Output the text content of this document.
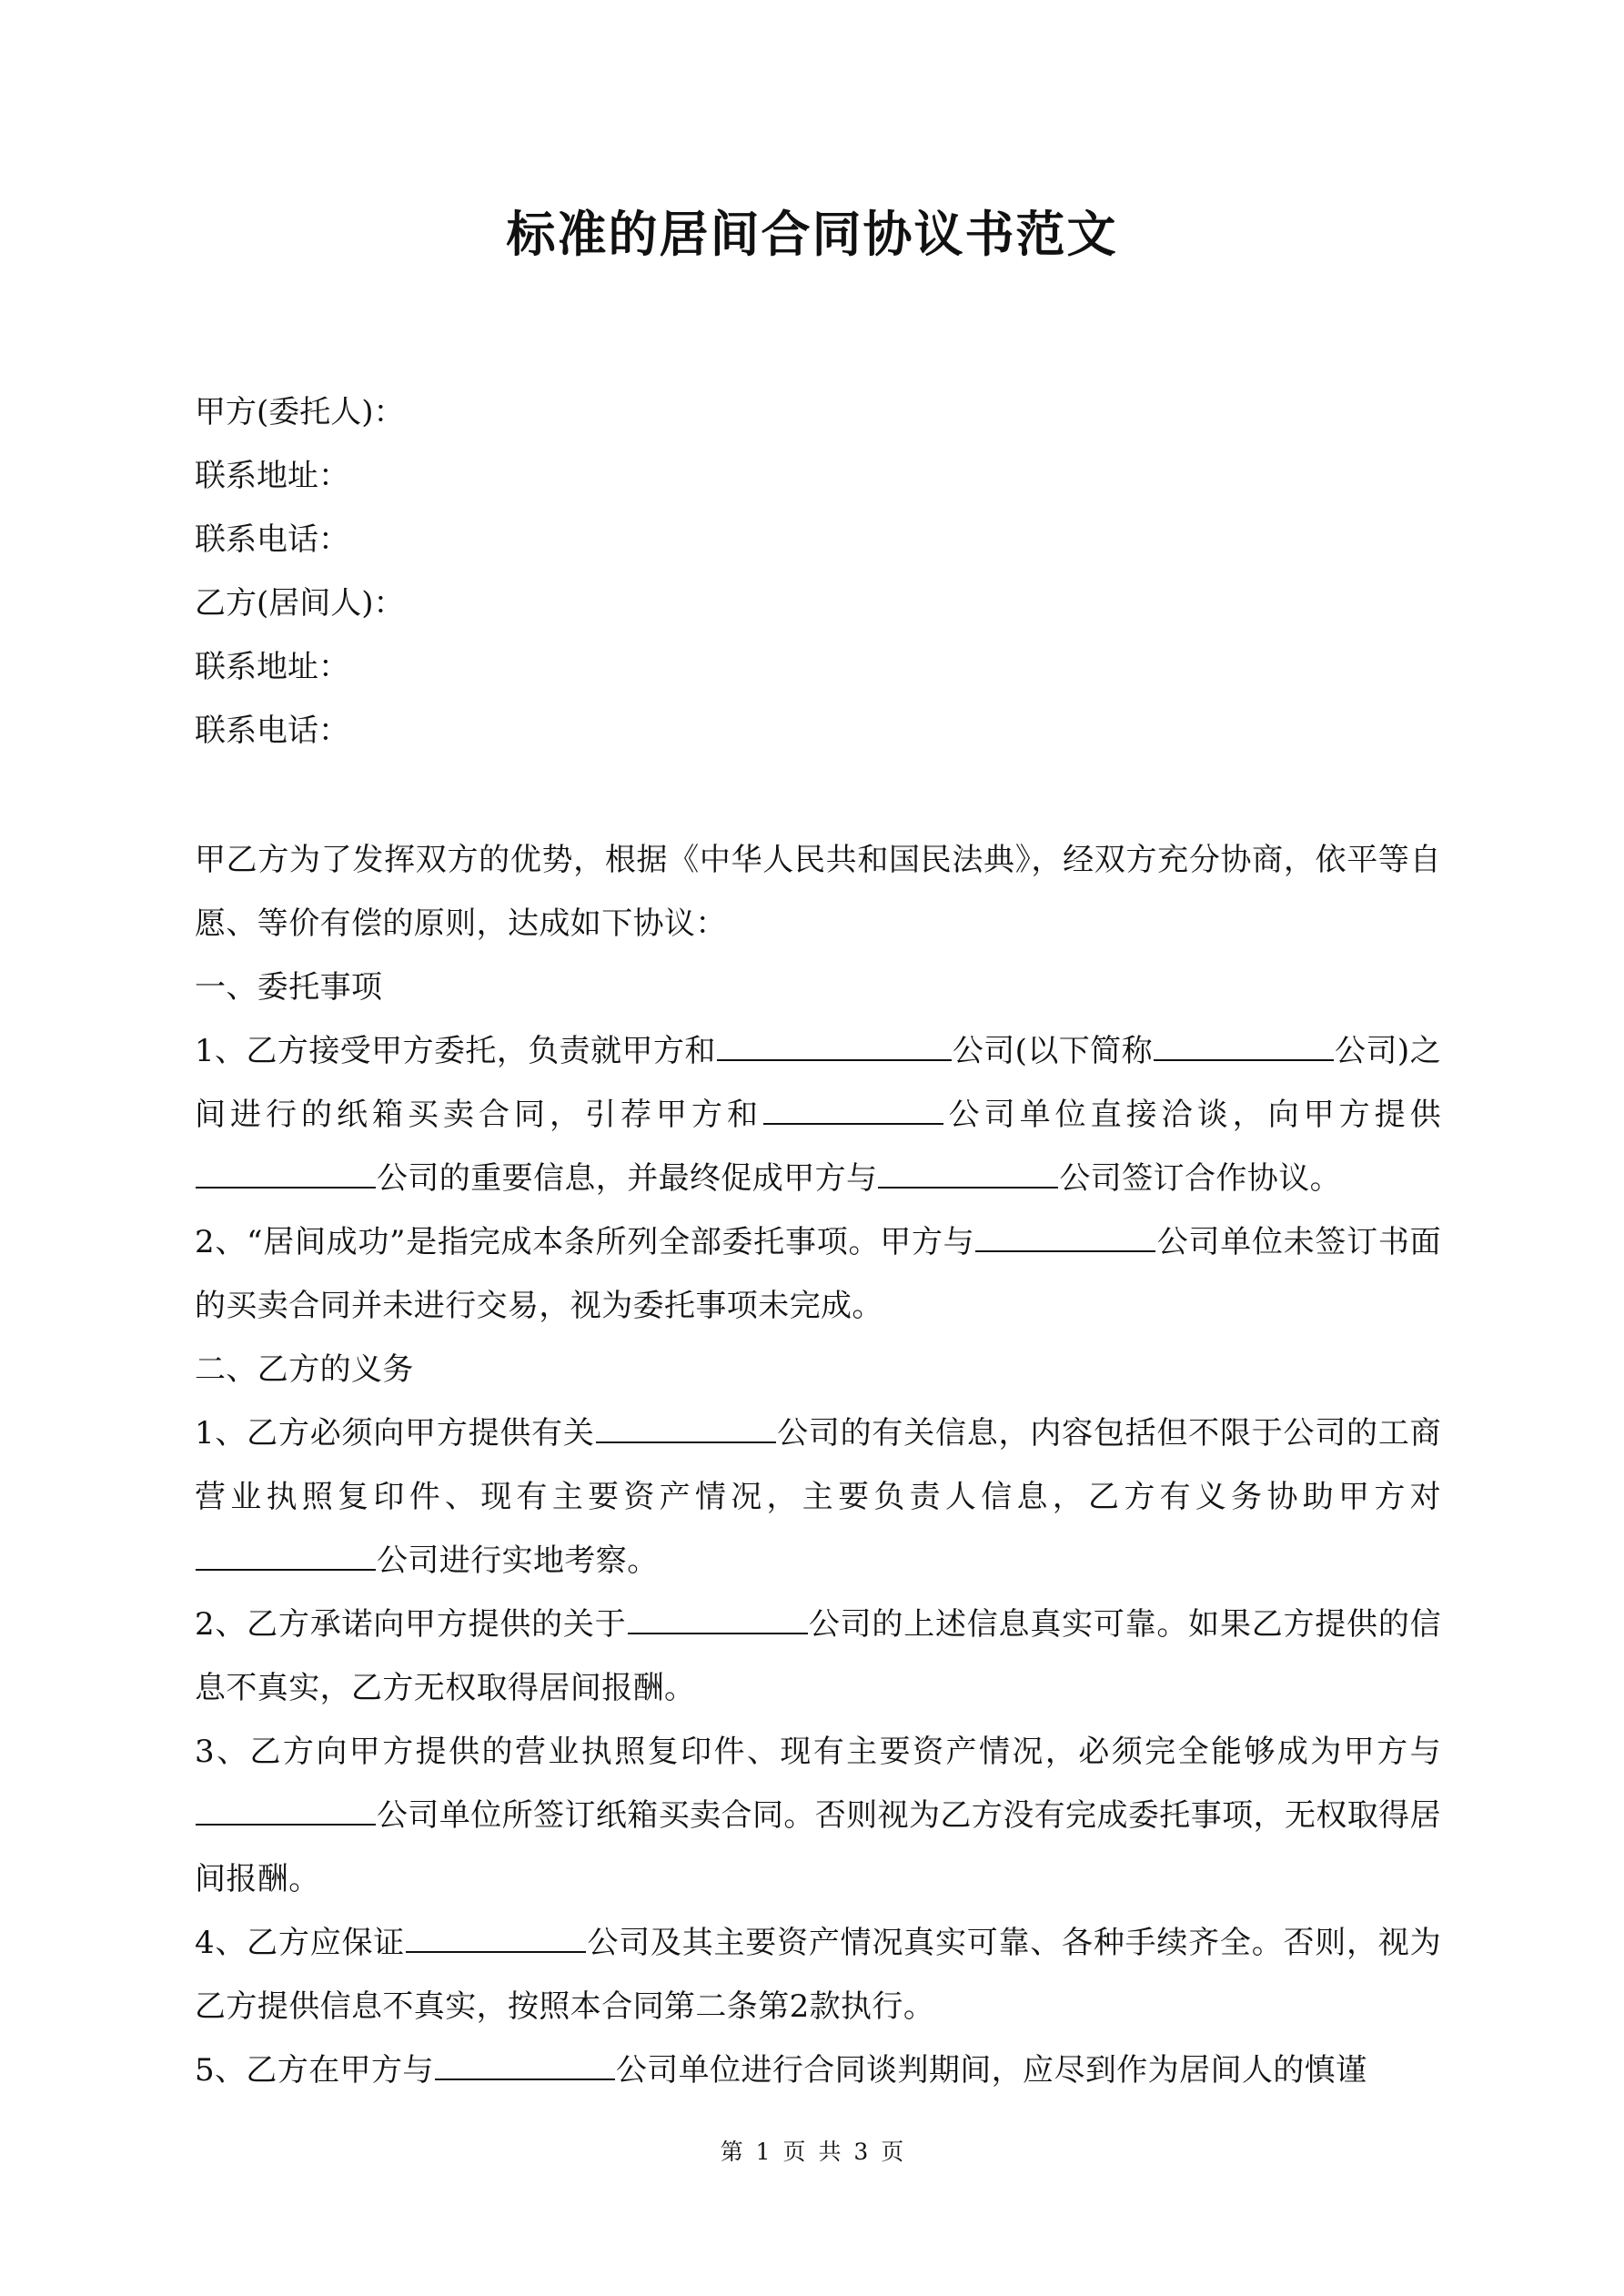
标准的居间合同协议书范文
甲方(委托人)：
联系地址：
联系电话：
乙方(居间人)：
联系地址：
联系电话：

甲乙方为了发挥双方的优势，根据《中华人民共和国民法典》，经双方充分协商，依平等自愿、等价有偿的原则，达成如下协议：

一、委托事项

1、乙方接受甲方委托，负责就甲方和	公司(以下简称	公司)之间进行的纸箱买卖合同，引荐甲方和	公司单位直接洽谈，向甲方提供公司的重要信息，并最终促成甲方与	公司签订合作协议。

2、“居间成功”是指完成本条所列全部委托事项。甲方与	公司单位未签订书面的买卖合同并未进行交易，视为委托事项未完成。

二、乙方的义务

1、乙方必须向甲方提供有关	公司的有关信息，内容包括但不限于公司的工商营业执照复印件、现有主要资产情况，主要负责人信息，乙方有义务协助甲方对公司进行实地考察。

2、乙方承诺向甲方提供的关于	公司的上述信息真实可靠。如果乙方提供的信息不真实，乙方无权取得居间报酬。

3、乙方向甲方提供的营业执照复印件、现有主要资产情况，必须完全能够成为甲方与公司单位所签订纸箱买卖合同。否则视为乙方没有完成委托事项，无权取得居间报酬。

4、乙方应保证	公司及其主要资产情况真实可靠、各种手续齐全。否则，视为乙方提供信息不真实，按照本合同第二条第2款执行。

5、乙方在甲方与	公司单位进行合同谈判期间，应尽到作为居间人的慎谨

第 1 页 共 3 页
